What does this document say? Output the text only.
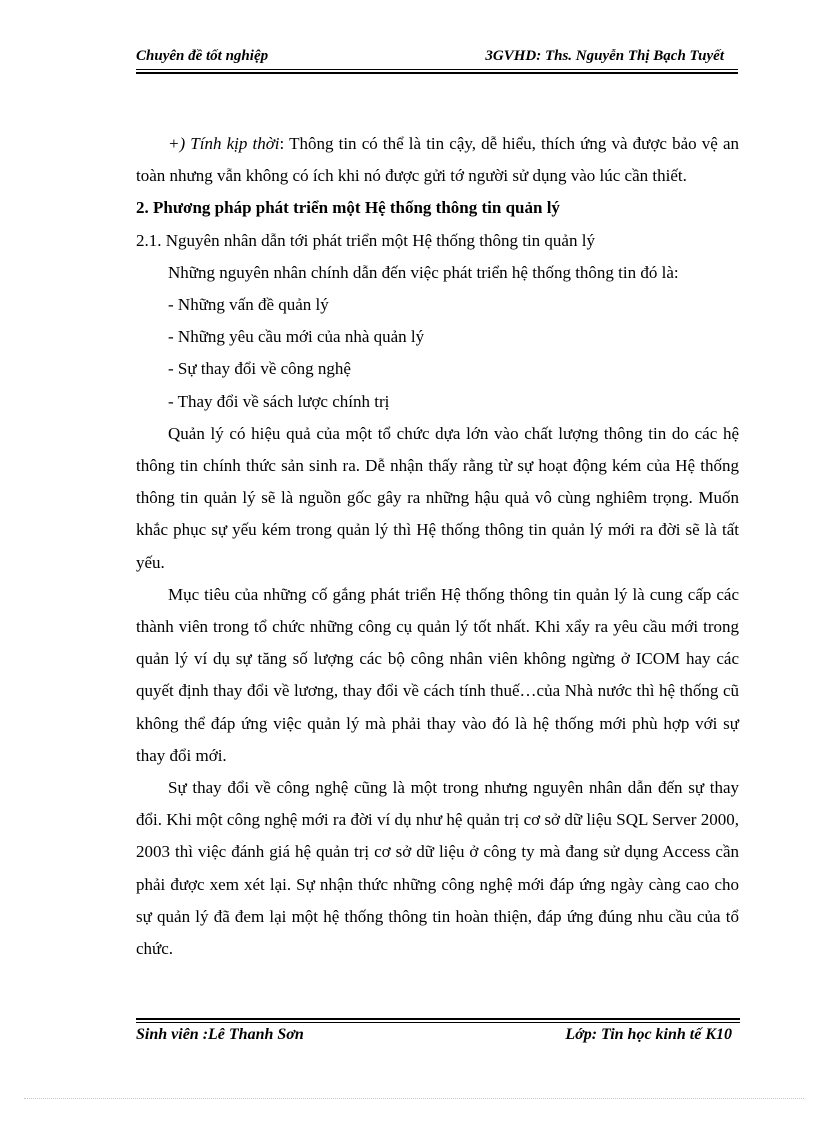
Chuyên đề tốt nghiệp	3GVHD: Ths. Nguyễn Thị Bạch Tuyết

+) Tính kịp thời: Thông tin có thể là tin cậy, dễ hiểu, thích ứng và được bảo vệ an toàn nhưng vẫn không có ích khi nó được gửi tớ người sử dụng vào lúc cần thiết.

2. Phương pháp phát triển một Hệ thống thông tin quản lý

2.1. Nguyên nhân dẫn tới phát triển một Hệ thống thông tin quản lý

Những nguyên nhân chính dẫn đến việc phát triển hệ thống thông tin đó là:

- Những vấn đề quản lý

- Những yêu cầu mới của nhà quản lý

- Sự thay đổi về công nghệ

- Thay đổi về sách lược chính trị

Quản lý có hiệu quả của một tổ chức dựa lớn vào chất lượng thông tin do các hệ thông tin chính thức sản sinh ra. Dễ nhận thấy rằng từ sự hoạt động kém của Hệ thống thông tin quản lý sẽ là nguồn gốc gây ra những hậu quả vô cùng nghiêm trọng. Muốn khắc phục sự yếu kém trong quản lý thì Hệ thống thông tin quản lý mới ra đời sẽ là tất yếu.

Mục tiêu của những cố gắng phát triển Hệ thống thông tin quản lý là cung cấp các thành viên trong tổ chức những công cụ quản lý tốt nhất. Khi xẩy ra yêu cầu mới trong quản lý ví dụ sự tăng số lượng các bộ công nhân viên không ngừng ở ICOM hay các quyết định thay đổi về lương, thay đổi về cách tính thuế…của Nhà nước thì hệ thống cũ không thể đáp ứng việc quản lý mà phải thay vào đó là hệ thống mới phù hợp với sự thay đổi mới.

Sự thay đổi về công nghệ cũng là một trong nhưng nguyên nhân dẫn đến sự thay đổi. Khi một công nghệ mới ra đời ví dụ như hệ quản trị cơ sở dữ liệu SQL Server 2000, 2003 thì việc đánh giá hệ quản trị cơ sở dữ liệu ở công ty mà đang sử dụng Access cần phải được xem xét lại. Sự nhận thức những công nghệ mới đáp ứng ngày càng cao cho sự quản lý đã đem lại một hệ thống thông tin hoàn thiện, đáp ứng đúng nhu cầu của tổ chức.

Sinh viên :Lê Thanh Sơn	Lớp: Tin học kinh tế K10
